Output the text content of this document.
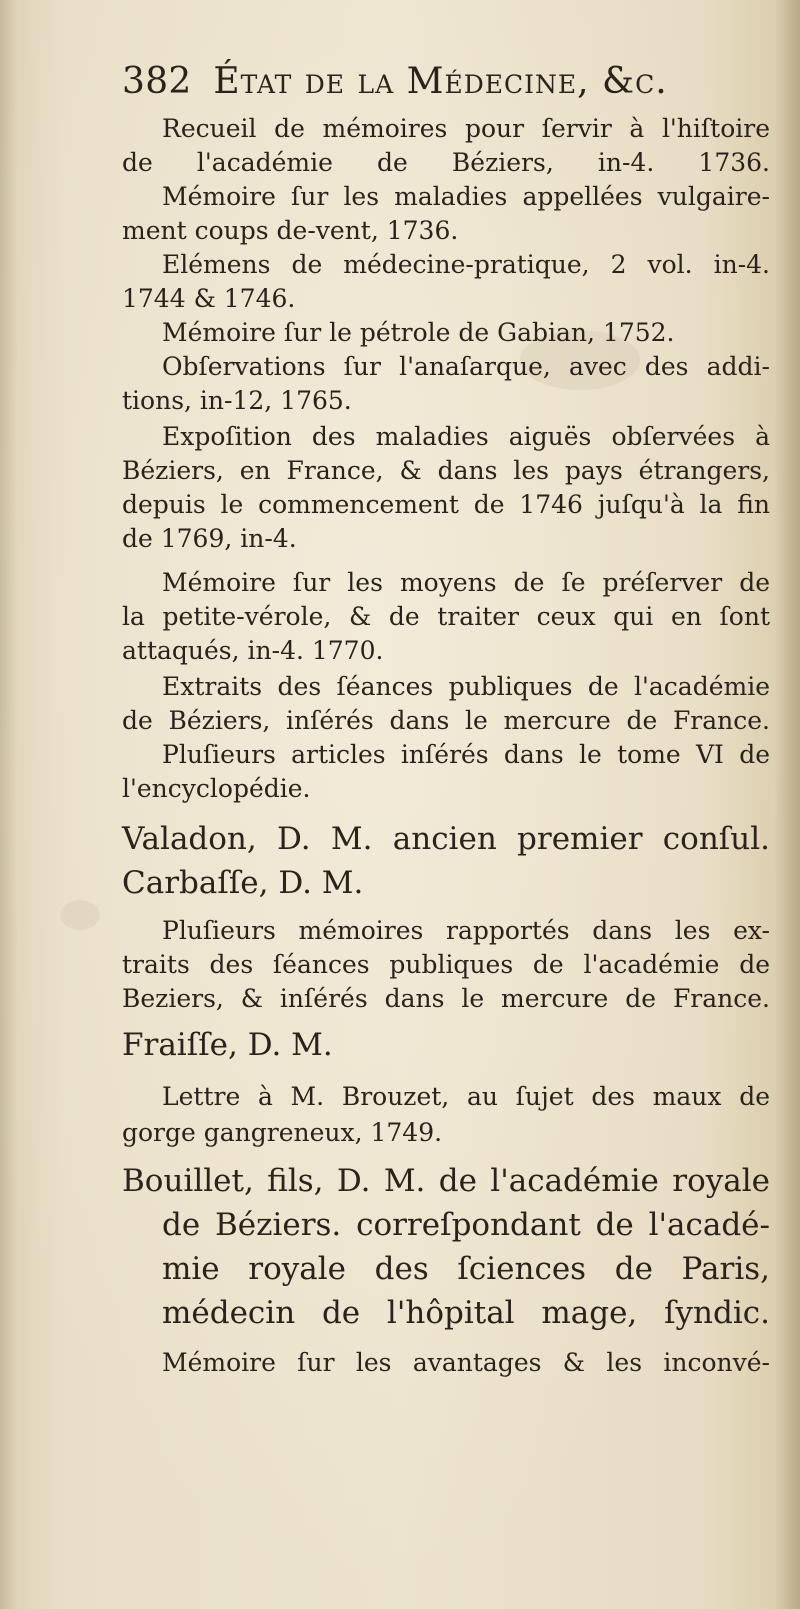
382 État de la Médecine, &c.
Recueil de mémoires pour ſervir à l'hiſtoire
de l'académie de Béziers, in-4. 1736.
Mémoire ſur les maladies appellées vulgaire-
ment coups de-vent, 1736.
Elémens de médecine-pratique, 2 vol. in-4.
1744 & 1746.
Mémoire ſur le pétrole de Gabian, 1752.
Obſervations ſur l'anaſarque, avec des addi-
tions, in-12, 1765.
Expoſition des maladies aiguës obſervées à
Béziers, en France, & dans les pays étrangers,
depuis le commencement de 1746 juſqu'à la fin
de 1769, in-4.
Mémoire ſur les moyens de ſe préſerver de
la petite-vérole, & de traiter ceux qui en ſont
attaqués, in-4. 1770.
Extraits des ſéances publiques de l'académie
de Béziers, inſérés dans le mercure de France.
Pluſieurs articles inſérés dans le tome VI de
l'encyclopédie.
Valadon, D. M. ancien premier conſul.
Carbaſſe, D. M.
Pluſieurs mémoires rapportés dans les ex-
traits des ſéances publiques de l'académie de
Beziers, & inſérés dans le mercure de France.
Fraiſſe, D. M.
Lettre à M. Brouzet, au ſujet des maux de
gorge gangreneux, 1749.
Bouillet, fils, D. M. de l'académie royale
de Béziers. correſpondant de l'acadé-
mie royale des ſciences de Paris,
médecin de l'hôpital mage, ſyndic.
Mémoire ſur les avantages & les inconvé-
